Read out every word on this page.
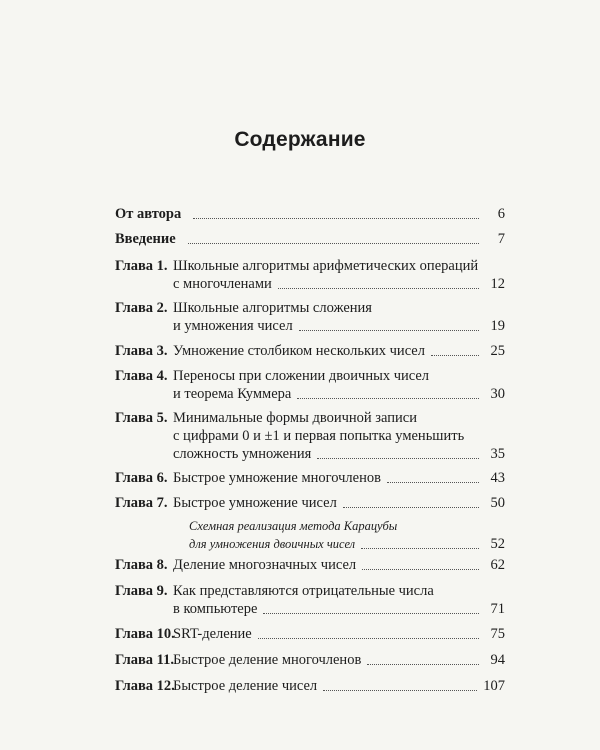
Содержание
От автора	6
Введение	7
Глава 1. Школьные алгоритмы арифметических операций
с многочленами	12
Глава 2. Школьные алгоритмы сложения
и умножения чисел	19
Глава 3. Умножение столбиком нескольких чисел	25
Глава 4. Переносы при сложении двоичных чисел
и теорема Куммера	30
Глава 5. Минимальные формы двоичной записи
с цифрами 0 и ±1 и первая попытка уменьшить
сложность умножения	35
Глава 6. Быстрое умножение многочленов	43
Глава 7. Быстрое умножение чисел	50
Схемная реализация метода Карацубы
для умножения двоичных чисел	52
Глава 8. Деление многозначных чисел	62
Глава 9. Как представляются отрицательные числа
в компьютере	71
Глава 10.
SRT-деление	75
Глава 11.
Быстрое деление многочленов	94
Глава 12.
Быстрое деление чисел	107
